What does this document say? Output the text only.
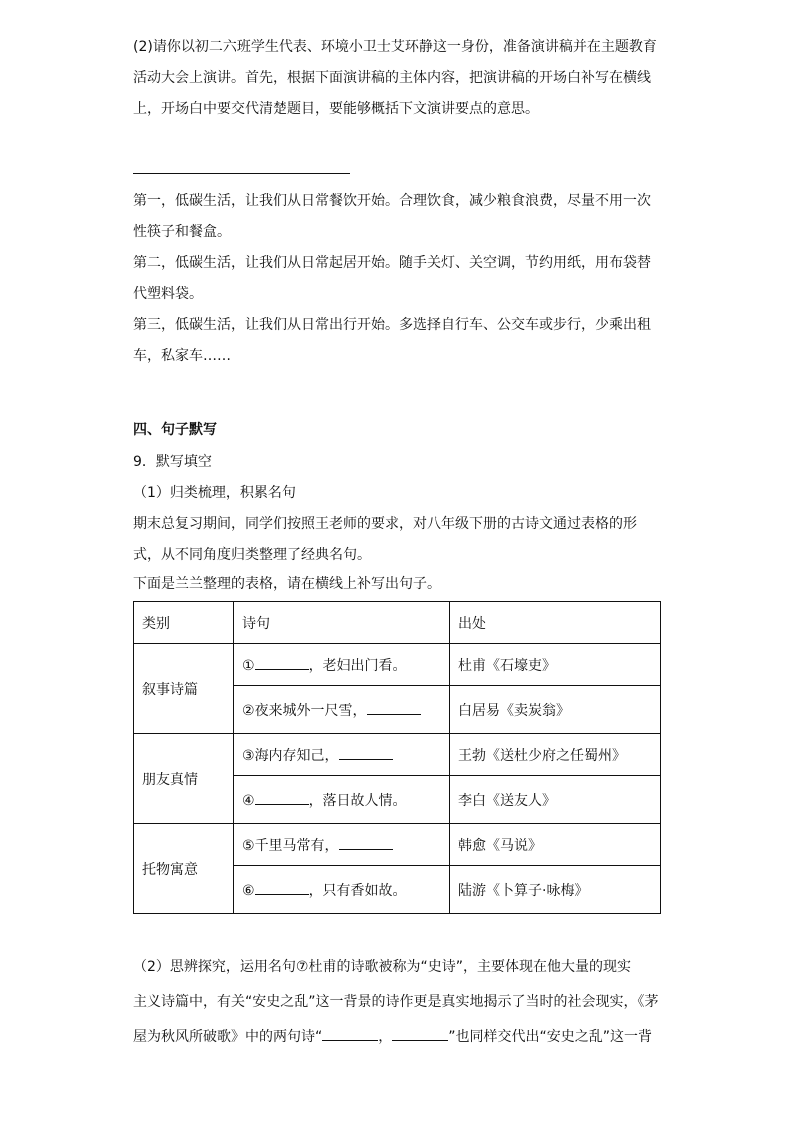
(2)请你以初二六班学生代表、环境小卫士艾环静这一身份，准备演讲稿并在主题教育
活动大会上演讲。首先，根据下面演讲稿的主体内容，把演讲稿的开场白补写在横线
上，开场白中要交代清楚题目，要能够概括下文演讲要点的意思。

第一，低碳生活，让我们从日常餐饮开始。合理饮食，减少粮食浪费，尽量不用一次
性筷子和餐盒。
第二，低碳生活，让我们从日常起居开始。随手关灯、关空调，节约用纸，用布袋替
代塑料袋。
第三，低碳生活，让我们从日常出行开始。多选择自行车、公交车或步行，少乘出租
车，私家车……

四、句子默写

9．默写填空

（1）归类梳理，积累名句

期末总复习期间，同学们按照王老师的要求，对八年级下册的古诗文通过表格的形
式，从不同角度归类整理了经典名句。

下面是兰兰整理的表格，请在横线上补写出句子。

类别	诗句	出处
叙事诗篇	① ，老妇出门看。	杜甫《石壕吏》
	②夜来城外一尺雪，	白居易《卖炭翁》
朋友真情	③海内存知己，	王勃《送杜少府之任蜀州》
	④ ，落日故人情。	李白《送友人》
托物寓意	⑤千里马常有，	韩愈《马说》
	⑥ ，只有香如故。	陆游《卜算子·咏梅》

（2）思辨探究，运用名句⑦杜甫的诗歌被称为“史诗”，主要体现在他大量的现实
主义诗篇中，有关“安史之乱”这一背景的诗作更是真实地揭示了当时的社会现实，《茅
屋为秋风所破歌》中的两句诗“	，	”也同样交代出“安史之乱”这一背
